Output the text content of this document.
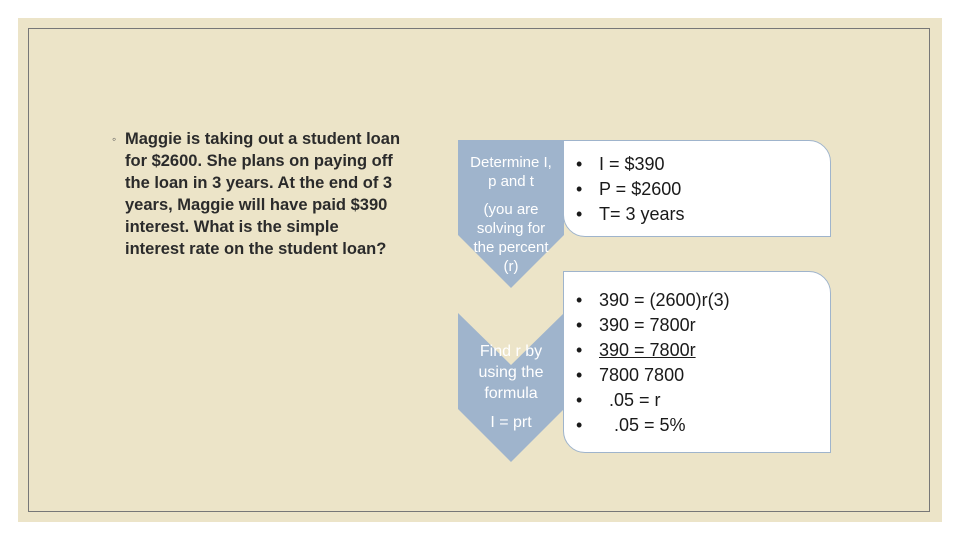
◦ Maggie is taking out a student loan
for $2600. She plans on paying off
the loan in 3 years. At the end of 3
years, Maggie will have paid $390
interest. What is the simple
interest rate on the student loan?
Determine I,
p and t
(you are
solving for
the percent
(r)
• I = $390
• P = $2600
• T= 3 years
Find r by
using the
formula
I = prt
• 390 = (2600)r(3)
• 390 = 7800r
• 390 = 7800r
• 7800 7800
•   .05 = r
•    .05 = 5%
